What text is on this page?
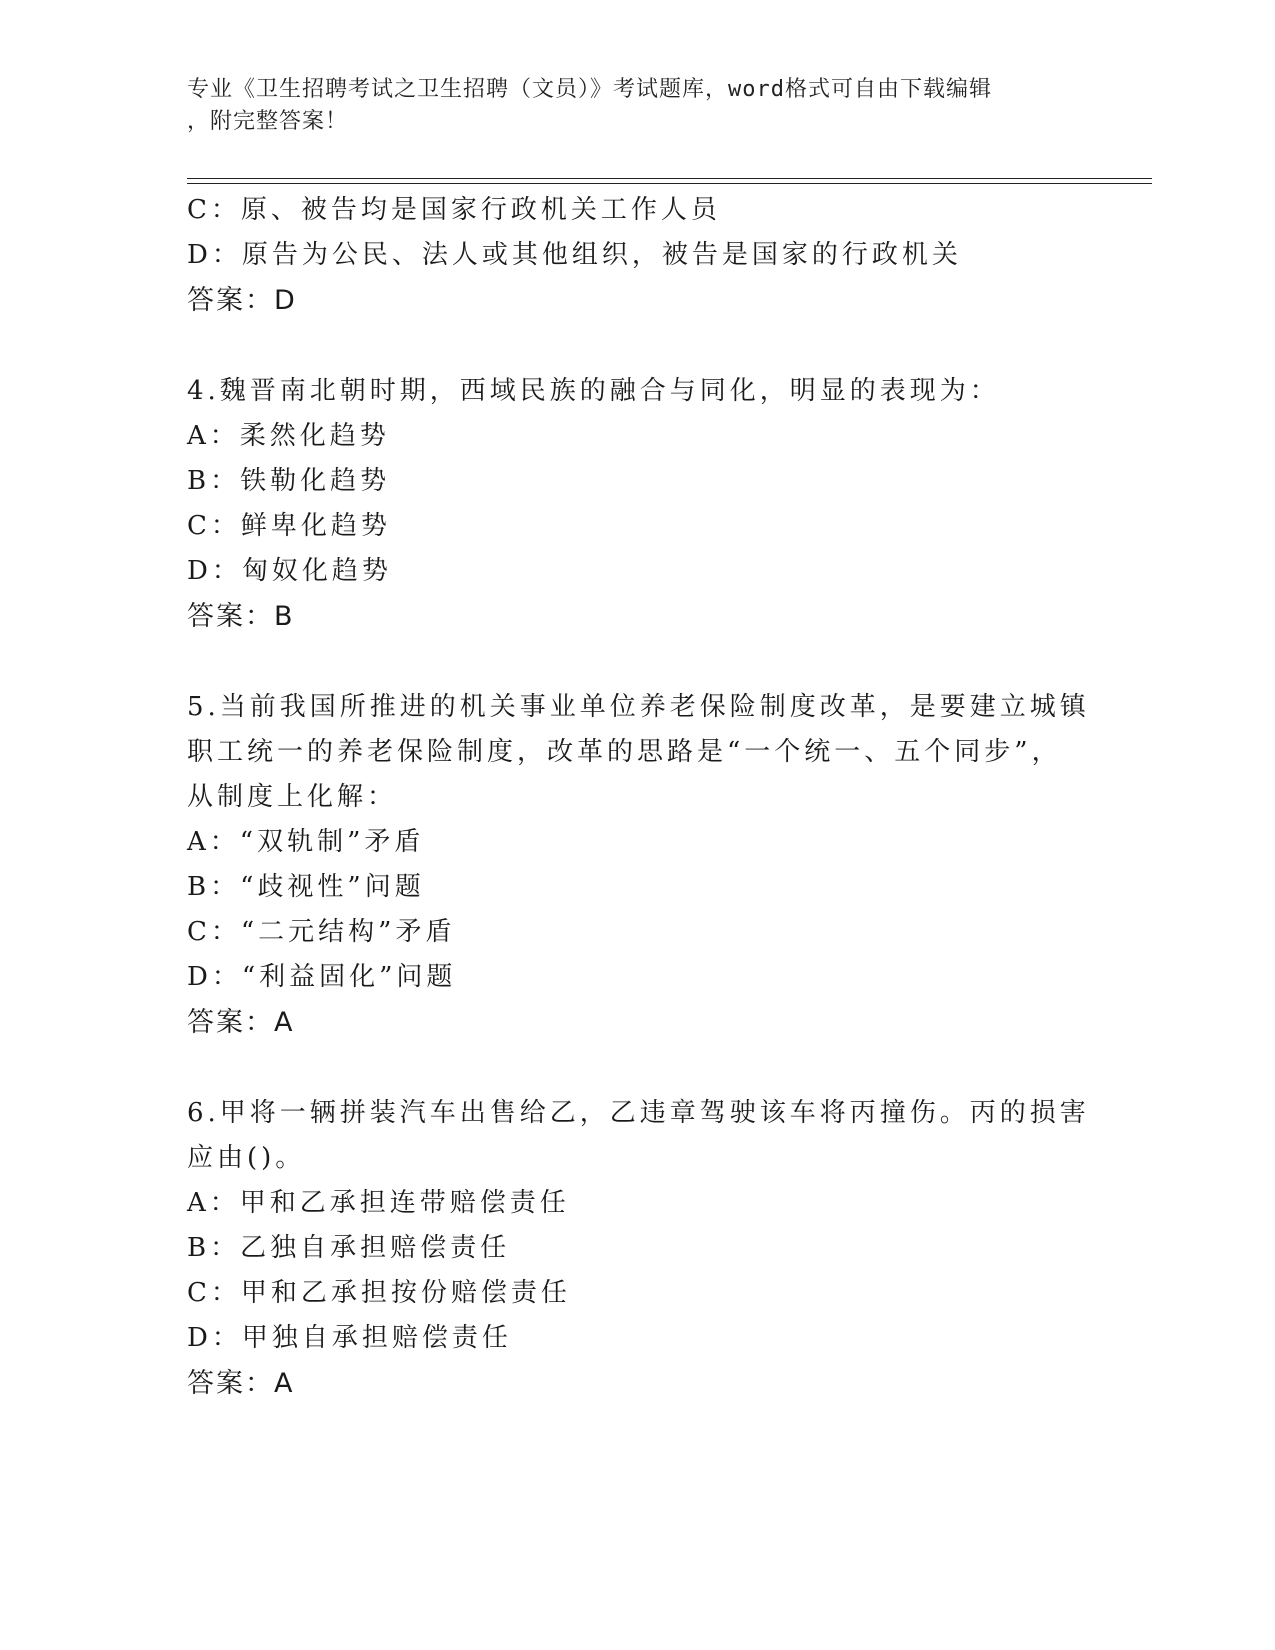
专业《卫生招聘考试之卫生招聘（文员）》考试题库，word格式可自由下载编辑
，附完整答案！
C：原、被告均是国家行政机关工作人员
D：原告为公民、法人或其他组织，被告是国家的行政机关
答案：D
4.魏晋南北朝时期，西域民族的融合与同化，明显的表现为：
A：柔然化趋势
B：铁勒化趋势
C：鲜卑化趋势
D：匈奴化趋势
答案：B
5.当前我国所推进的机关事业单位养老保险制度改革，是要建立城镇
职工统一的养老保险制度，改革的思路是“一个统一、五个同步”，
从制度上化解：
A：“双轨制”矛盾
B：“歧视性”问题
C：“二元结构”矛盾
D：“利益固化”问题
答案：A
6.甲将一辆拼装汽车出售给乙，乙违章驾驶该车将丙撞伤。丙的损害
应由()。
A：甲和乙承担连带赔偿责任
B：乙独自承担赔偿责任
C：甲和乙承担按份赔偿责任
D：甲独自承担赔偿责任
答案：A
